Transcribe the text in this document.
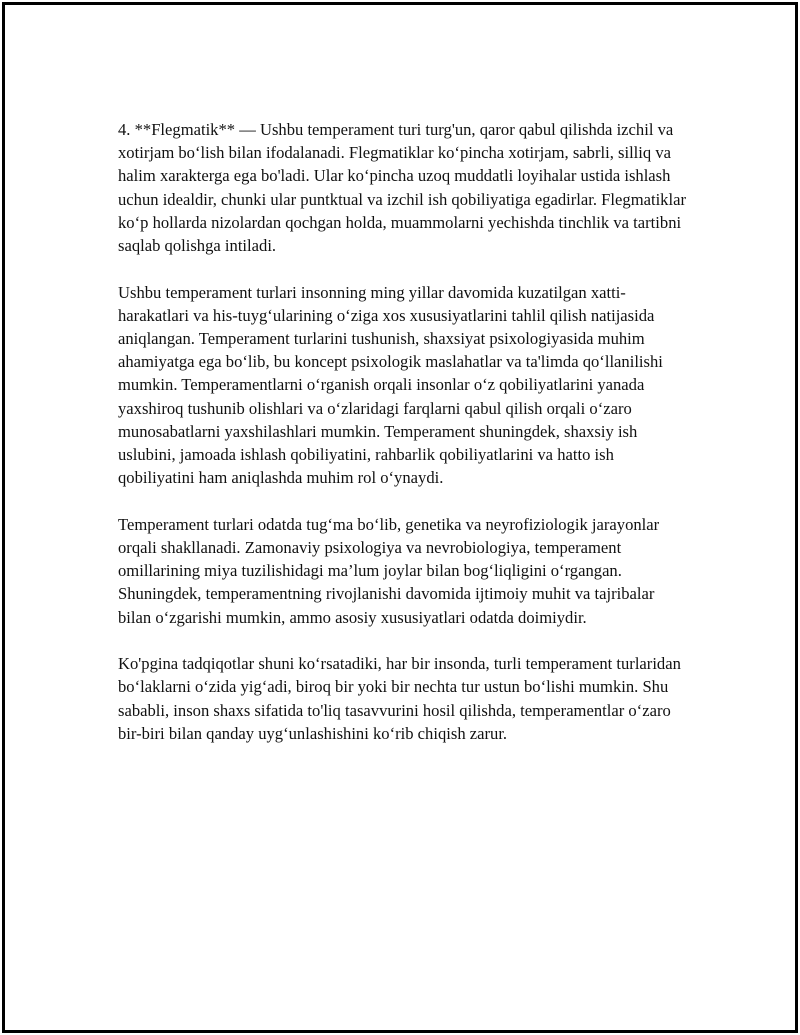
4. **Flegmatik** — Ushbu temperament turi turg'un, qaror qabul qilishda izchil va xotirjam bo‘lish bilan ifodalanadi. Flegmatiklar ko‘pincha xotirjam, sabrli, silliq va halim xarakterga ega bo'ladi. Ular ko‘pincha uzoq muddatli loyihalar ustida ishlash uchun idealdir, chunki ular puntktual va izchil ish qobiliyatiga egadirlar. Flegmatiklar ko‘p hollarda nizolardan qochgan holda, muammolarni yechishda tinchlik va tartibni saqlab qolishga intiladi.

Ushbu temperament turlari insonning ming yillar davomida kuzatilgan xatti-harakatlari va his-tuyg‘ularining o‘ziga xos xususiyatlarini tahlil qilish natijasida aniqlangan. Temperament turlarini tushunish, shaxsiyat psixologiyasida muhim ahamiyatga ega bo‘lib, bu koncept psixologik maslahatlar va ta'limda qo‘llanilishi mumkin. Temperamentlarni o‘rganish orqali insonlar o‘z qobiliyatlarini yanada yaxshiroq tushunib olishlari va o‘zlaridagi farqlarni qabul qilish orqali o‘zaro munosabatlarni yaxshilashlari mumkin. Temperament shuningdek, shaxsiy ish uslubini, jamoada ishlash qobiliyatini, rahbarlik qobiliyatlarini va hatto ish qobiliyatini ham aniqlashda muhim rol o‘ynaydi.

Temperament turlari odatda tug‘ma bo‘lib, genetika va neyrofiziologik jarayonlar orqali shakllanadi. Zamonaviy psixologiya va nevrobiologiya, temperament omillarining miya tuzilishidagi ma’lum joylar bilan bog‘liqligini o‘rgangan. Shuningdek, temperamentning rivojlanishi davomida ijtimoiy muhit va tajribalar bilan o‘zgarishi mumkin, ammo asosiy xususiyatlari odatda doimiydir.

Ko'pgina tadqiqotlar shuni ko‘rsatadiki, har bir insonda, turli temperament turlaridan bo‘laklarni o‘zida yig‘adi, biroq bir yoki bir nechta tur ustun bo‘lishi mumkin. Shu sababli, inson shaxs sifatida to'liq tasavvurini hosil qilishda, temperamentlar o‘zaro bir-biri bilan qanday uyg‘unlashishini ko‘rib chiqish zarur.
